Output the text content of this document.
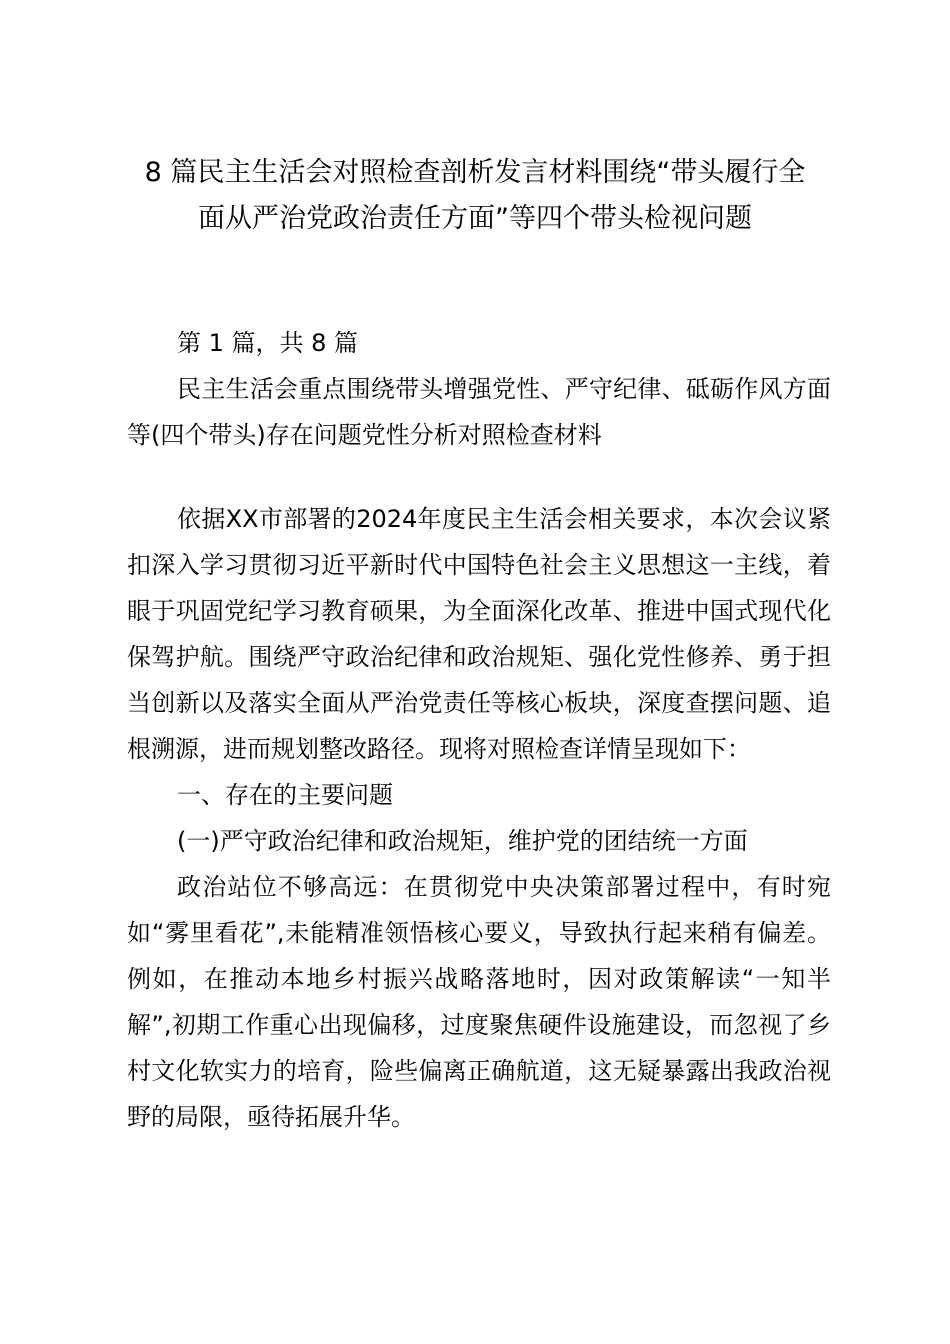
8 篇民主生活会对照检查剖析发言材料围绕“带头履行全
面从严治党政治责任方面”等四个带头检视问题

第 1 篇，共 8 篇

民主生活会重点围绕带头增强党性、严守纪律、砥砺作风方面等(四个带头)存在问题党性分析对照检查材料

依据XX市部署的2024年度民主生活会相关要求，本次会议紧扣深入学习贯彻习近平新时代中国特色社会主义思想这一主线，着眼于巩固党纪学习教育硕果，为全面深化改革、推进中国式现代化保驾护航。围绕严守政治纪律和政治规矩、强化党性修养、勇于担当创新以及落实全面从严治党责任等核心板块，深度查摆问题、追根溯源，进而规划整改路径。现将对照检查详情呈现如下：

一、存在的主要问题

(一)严守政治纪律和政治规矩，维护党的团结统一方面

政治站位不够高远：在贯彻党中央决策部署过程中，有时宛如“雾里看花”,未能精准领悟核心要义，导致执行起来稍有偏差。例如，在推动本地乡村振兴战略落地时，因对政策解读“一知半解”,初期工作重心出现偏移，过度聚焦硬件设施建设，而忽视了乡村文化软实力的培育，险些偏离正确航道，这无疑暴露出我政治视野的局限，亟待拓展升华。
